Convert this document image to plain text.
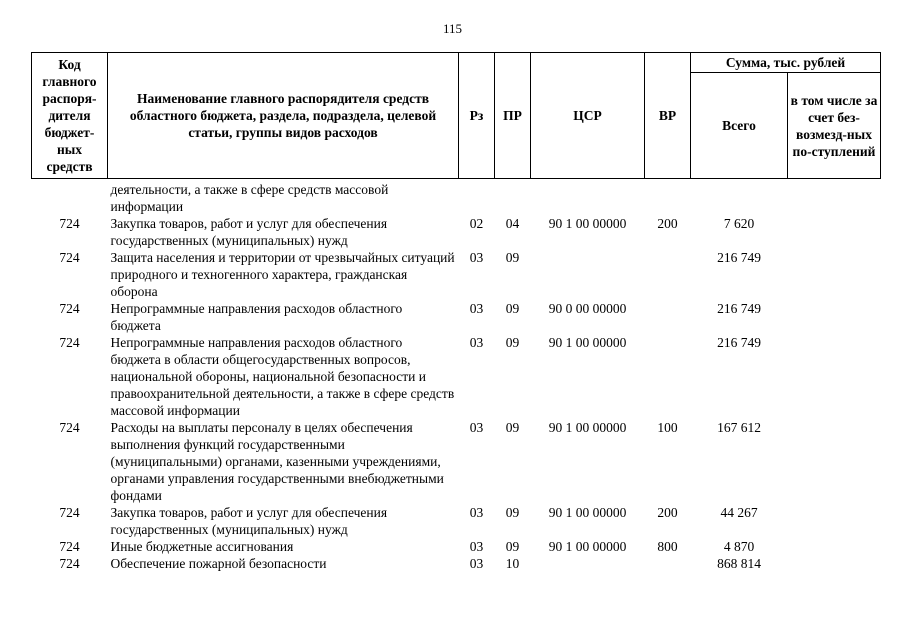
115
Код главного распоря-дителя бюджет-ных средств	Наименование главного распорядителя средств областного бюджета, раздела, подраздела, целевой статьи, группы видов расходов	Рз	ПР	ЦСР	ВР	Сумма, тыс. рублей	
						Всего	в том числе за счет без-возмезд-ных по-ступлений
	деятельности, а также в сфере средств массовой информации						
724	Закупка товаров, работ и услуг для обеспечения государственных (муниципальных) нужд	02	04	90 1 00 00000	200	7 620	
724	Защита населения и территории от чрезвычайных ситуаций природного и техногенного характера, гражданская оборона	03	09			216 749	
724	Непрограммные направления расходов областного бюджета	03	09	90 0 00 00000		216 749	
724	Непрограммные направления расходов областного бюджета в области общегосударственных вопросов, национальной обороны, национальной безопасности и правоохранительной деятельности, а также в сфере средств массовой информации	03	09	90 1 00 00000		216 749	
724	Расходы на выплаты персоналу в целях обеспечения выполнения функций государственными (муниципальными) органами, казенными учреждениями, органами управления государственными внебюджетными фондами	03	09	90 1 00 00000	100	167 612	
724	Закупка товаров, работ и услуг для обеспечения государственных (муниципальных) нужд	03	09	90 1 00 00000	200	44 267	
724	Иные бюджетные ассигнования	03	09	90 1 00 00000	800	4 870	
724	Обеспечение пожарной безопасности	03	10			868 814	
